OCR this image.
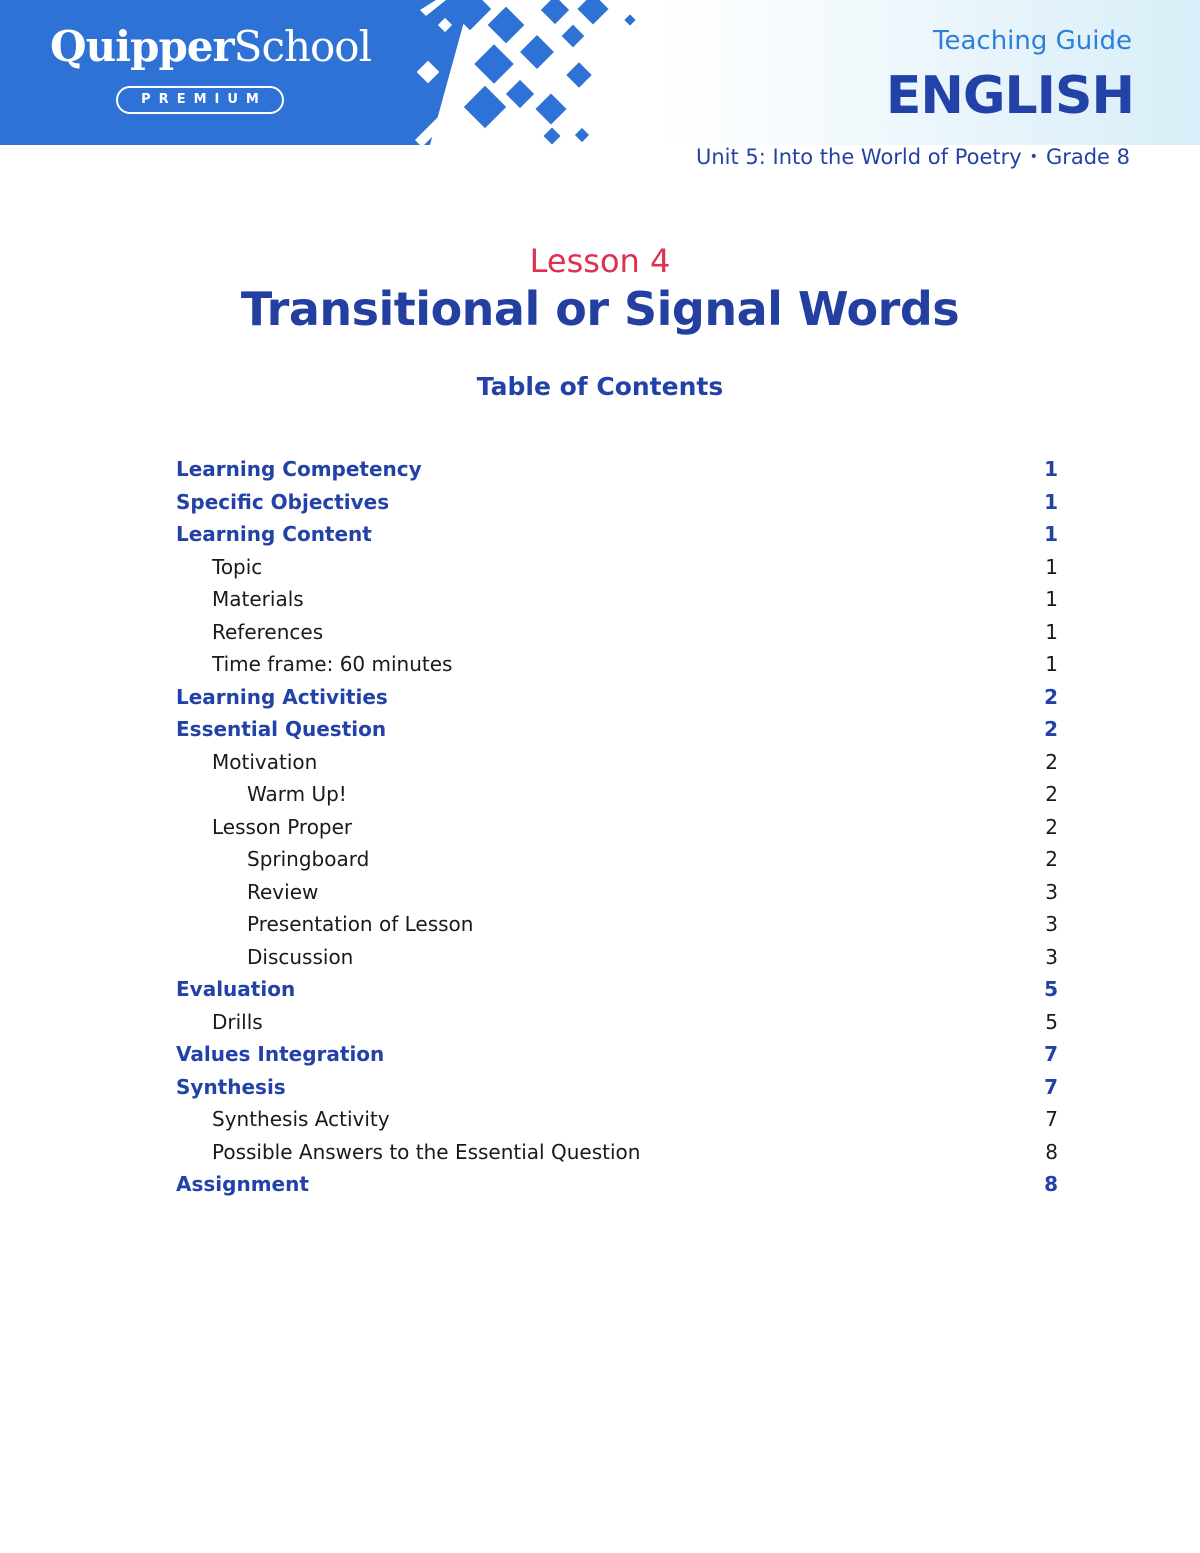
QuipperSchool
PREMIUM
Teaching Guide
ENGLISH
Unit 5: Into the World of Poetry • Grade 8
Lesson 4
Transitional or Signal Words
Table of Contents
Learning Competency	1
Specific Objectives	1
Learning Content	1
Topic	1
Materials	1
References	1
Time frame: 60 minutes	1
Learning Activities	2
Essential Question	2
Motivation	2
Warm Up!	2
Lesson Proper	2
Springboard	2
Review	3
Presentation of Lesson	3
Discussion	3
Evaluation	5
Drills	5
Values Integration	7
Synthesis	7
Synthesis Activity	7
Possible Answers to the Essential Question	8
Assignment	8
